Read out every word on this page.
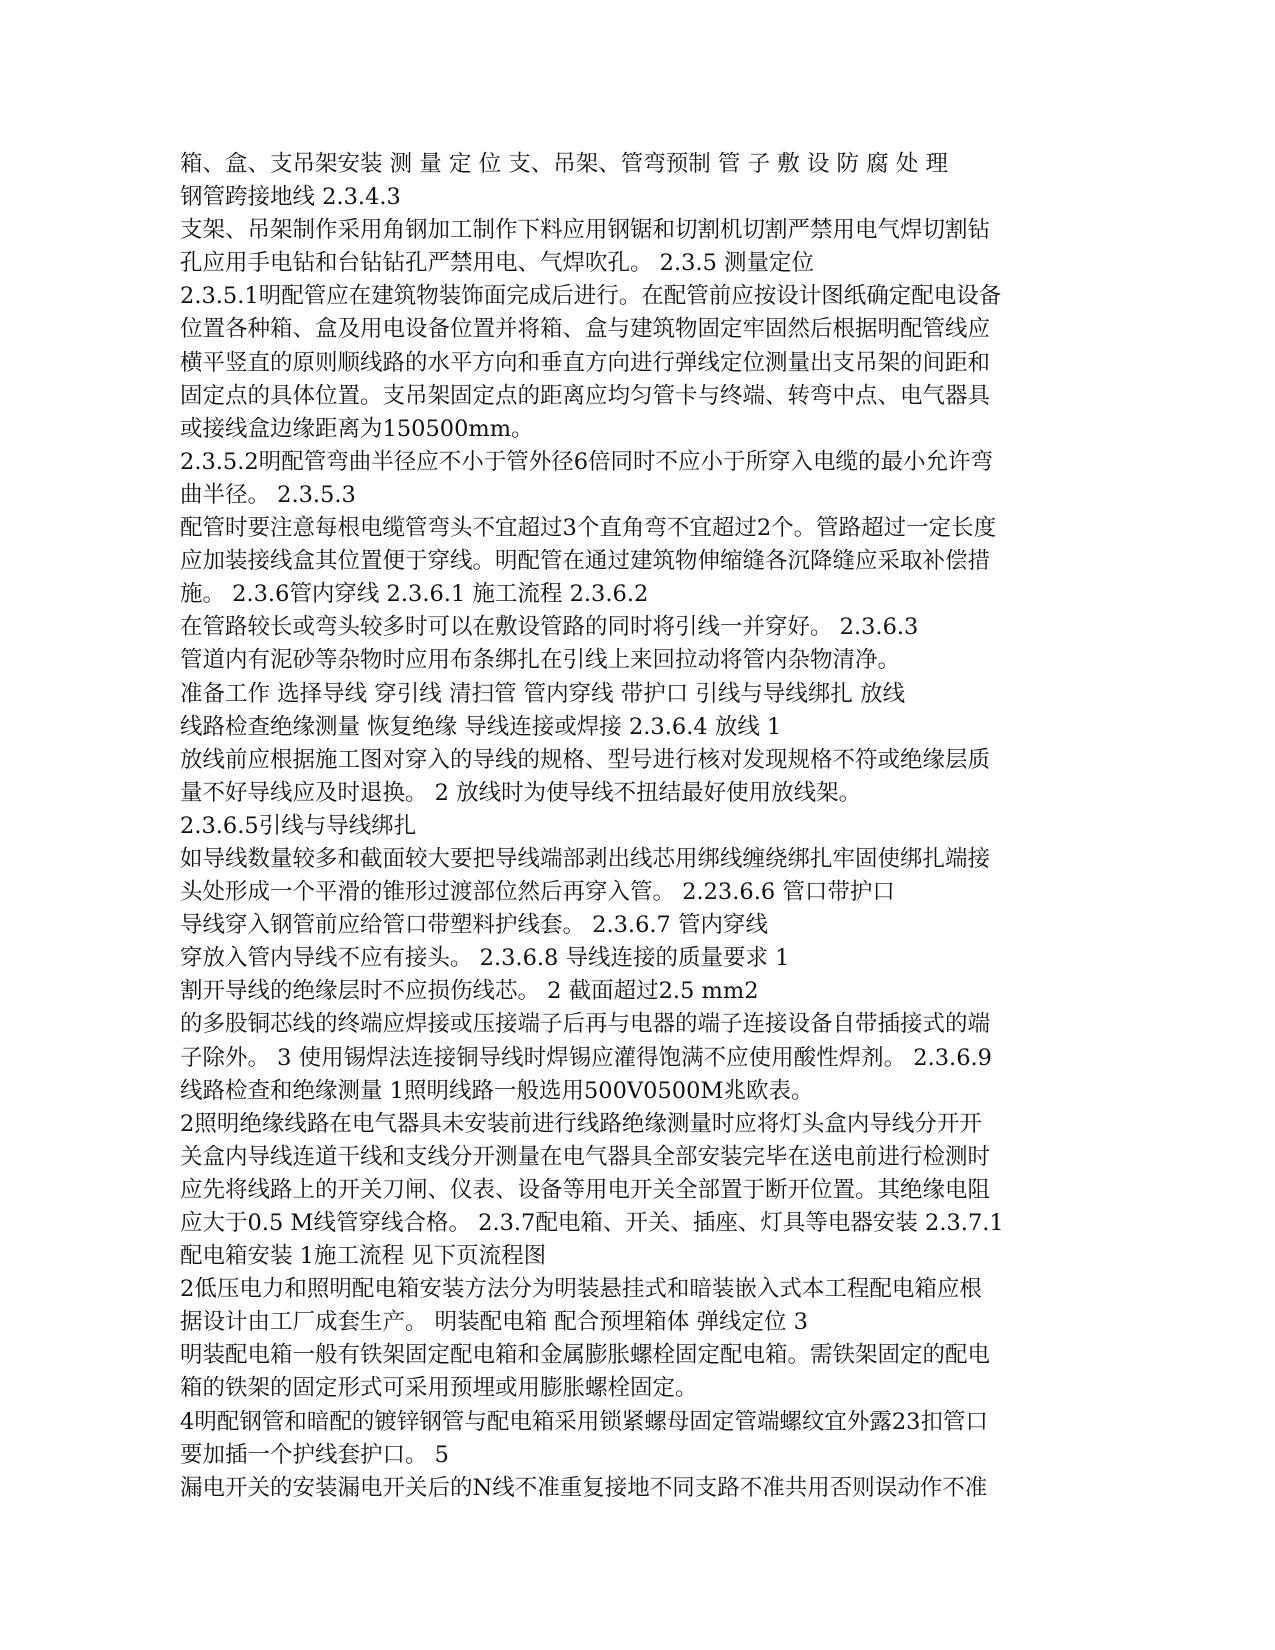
箱、盒、支吊架安装 测 量 定 位 支、吊架、管弯预制 管 子 敷 设 防 腐 处 理
钢管跨接地线 2.3.4.3
支架、吊架制作采用角钢加工制作下料应用钢锯和切割机切割严禁用电气焊切割钻
孔应用手电钻和台钻钻孔严禁用电、气焊吹孔。 2.3.5 测量定位
2.3.5.1明配管应在建筑物装饰面完成后进行。在配管前应按设计图纸确定配电设备
位置各种箱、盒及用电设备位置并将箱、盒与建筑物固定牢固然后根据明配管线应
横平竖直的原则顺线路的水平方向和垂直方向进行弹线定位测量出支吊架的间距和
固定点的具体位置。支吊架固定点的距离应均匀管卡与终端、转弯中点、电气器具
或接线盒边缘距离为150500mm。
2.3.5.2明配管弯曲半径应不小于管外径6倍同时不应小于所穿入电缆的最小允许弯
曲半径。 2.3.5.3
配管时要注意每根电缆管弯头不宜超过3个直角弯不宜超过2个。管路超过一定长度
应加装接线盒其位置便于穿线。明配管在通过建筑物伸缩缝各沉降缝应采取补偿措
施。 2.3.6管内穿线 2.3.6.1 施工流程 2.3.6.2
在管路较长或弯头较多时可以在敷设管路的同时将引线一并穿好。 2.3.6.3
管道内有泥砂等杂物时应用布条绑扎在引线上来回拉动将管内杂物清净。
准备工作 选择导线 穿引线 清扫管 管内穿线 带护口 引线与导线绑扎 放线
线路检查绝缘测量 恢复绝缘 导线连接或焊接 2.3.6.4 放线 1
放线前应根据施工图对穿入的导线的规格、型号进行核对发现规格不符或绝缘层质
量不好导线应及时退换。 2 放线时为使导线不扭结最好使用放线架。
2.3.6.5引线与导线绑扎
如导线数量较多和截面较大要把导线端部剥出线芯用绑线缠绕绑扎牢固使绑扎端接
头处形成一个平滑的锥形过渡部位然后再穿入管。 2.23.6.6 管口带护口
导线穿入钢管前应给管口带塑料护线套。 2.3.6.7 管内穿线
穿放入管内导线不应有接头。 2.3.6.8 导线连接的质量要求 1
割开导线的绝缘层时不应损伤线芯。 2 截面超过2.5 mm2
的多股铜芯线的终端应焊接或压接端子后再与电器的端子连接设备自带插接式的端
子除外。 3 使用锡焊法连接铜导线时焊锡应灌得饱满不应使用酸性焊剂。 2.3.6.9
线路检查和绝缘测量 1照明线路一般选用500V0500M兆欧表。
2照明绝缘线路在电气器具未安装前进行线路绝缘测量时应将灯头盒内导线分开开
关盒内导线连道干线和支线分开测量在电气器具全部安装完毕在送电前进行检测时
应先将线路上的开关刀闸、仪表、设备等用电开关全部置于断开位置。其绝缘电阻
应大于0.5 M线管穿线合格。 2.3.7配电箱、开关、插座、灯具等电器安装 2.3.7.1
配电箱安装 1施工流程 见下页流程图
2低压电力和照明配电箱安装方法分为明装悬挂式和暗装嵌入式本工程配电箱应根
据设计由工厂成套生产。 明装配电箱 配合预埋箱体 弹线定位 3
明装配电箱一般有铁架固定配电箱和金属膨胀螺栓固定配电箱。需铁架固定的配电
箱的铁架的固定形式可采用预埋或用膨胀螺栓固定。
4明配钢管和暗配的镀锌钢管与配电箱采用锁紧螺母固定管端螺纹宜外露23扣管口
要加插一个护线套护口。 5
漏电开关的安装漏电开关后的N线不准重复接地不同支路不准共用否则误动作不准
